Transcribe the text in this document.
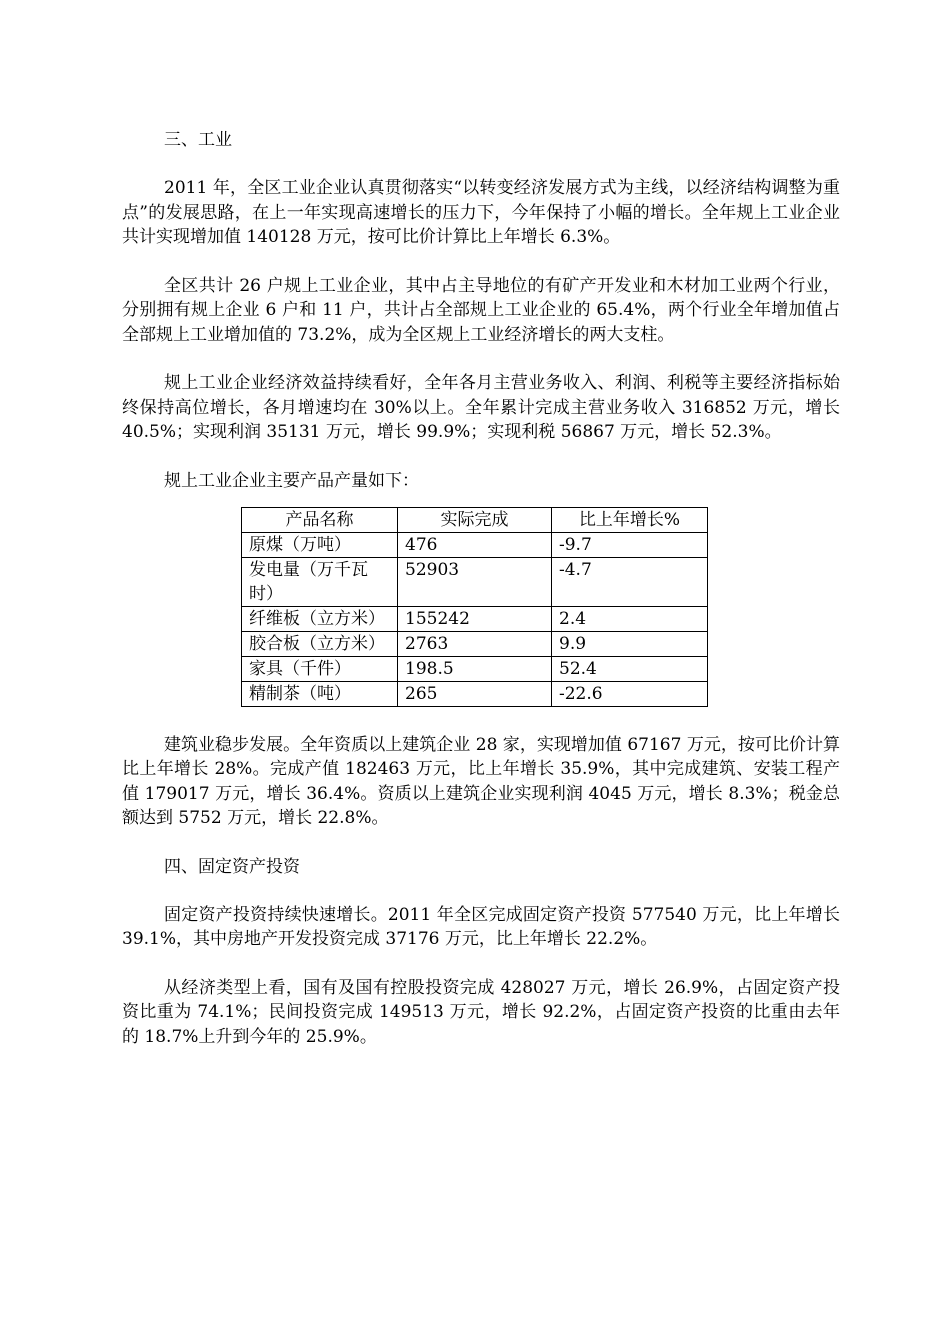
三、工业

2011 年，全区工业企业认真贯彻落实“以转变经济发展方式为主线，以经济结构调整为重点”的发展思路，在上一年实现高速增长的压力下，今年保持了小幅的增长。全年规上工业企业共计实现增加值 140128 万元，按可比价计算比上年增长 6.3%。

全区共计 26 户规上工业企业，其中占主导地位的有矿产开发业和木材加工业两个行业，分别拥有规上企业 6 户和 11 户，共计占全部规上工业企业的 65.4%，两个行业全年增加值占全部规上工业增加值的 73.2%，成为全区规上工业经济增长的两大支柱。

规上工业企业经济效益持续看好，全年各月主营业务收入、利润、利税等主要经济指标始终保持高位增长，各月增速均在 30%以上。全年累计完成主营业务收入 316852 万元，增长 40.5%；实现利润 35131 万元，增长 99.9%；实现利税 56867 万元，增长 52.3%。

规上工业企业主要产品产量如下：
产品名称	实际完成	比上年增长%
原煤（万吨）	476	-9.7
发电量（万千瓦时）	52903	-4.7
纤维板（立方米）	155242	2.4
胶合板（立方米）	2763	9.9
家具（千件）	198.5	52.4
精制茶（吨）	265	-22.6

建筑业稳步发展。全年资质以上建筑企业 28 家，实现增加值 67167 万元，按可比价计算比上年增长 28%。完成产值 182463 万元，比上年增长 35.9%，其中完成建筑、安装工程产值 179017 万元，增长 36.4%。资质以上建筑企业实现利润 4045 万元，增长 8.3%；税金总额达到 5752 万元，增长 22.8%。

四、固定资产投资

固定资产投资持续快速增长。2011 年全区完成固定资产投资 577540 万元，比上年增长 39.1%，其中房地产开发投资完成 37176 万元，比上年增长 22.2%。

从经济类型上看，国有及国有控股投资完成 428027 万元，增长 26.9%，占固定资产投资比重为 74.1%；民间投资完成 149513 万元，增长 92.2%，占固定资产投资的比重由去年的 18.7%上升到今年的 25.9%。
